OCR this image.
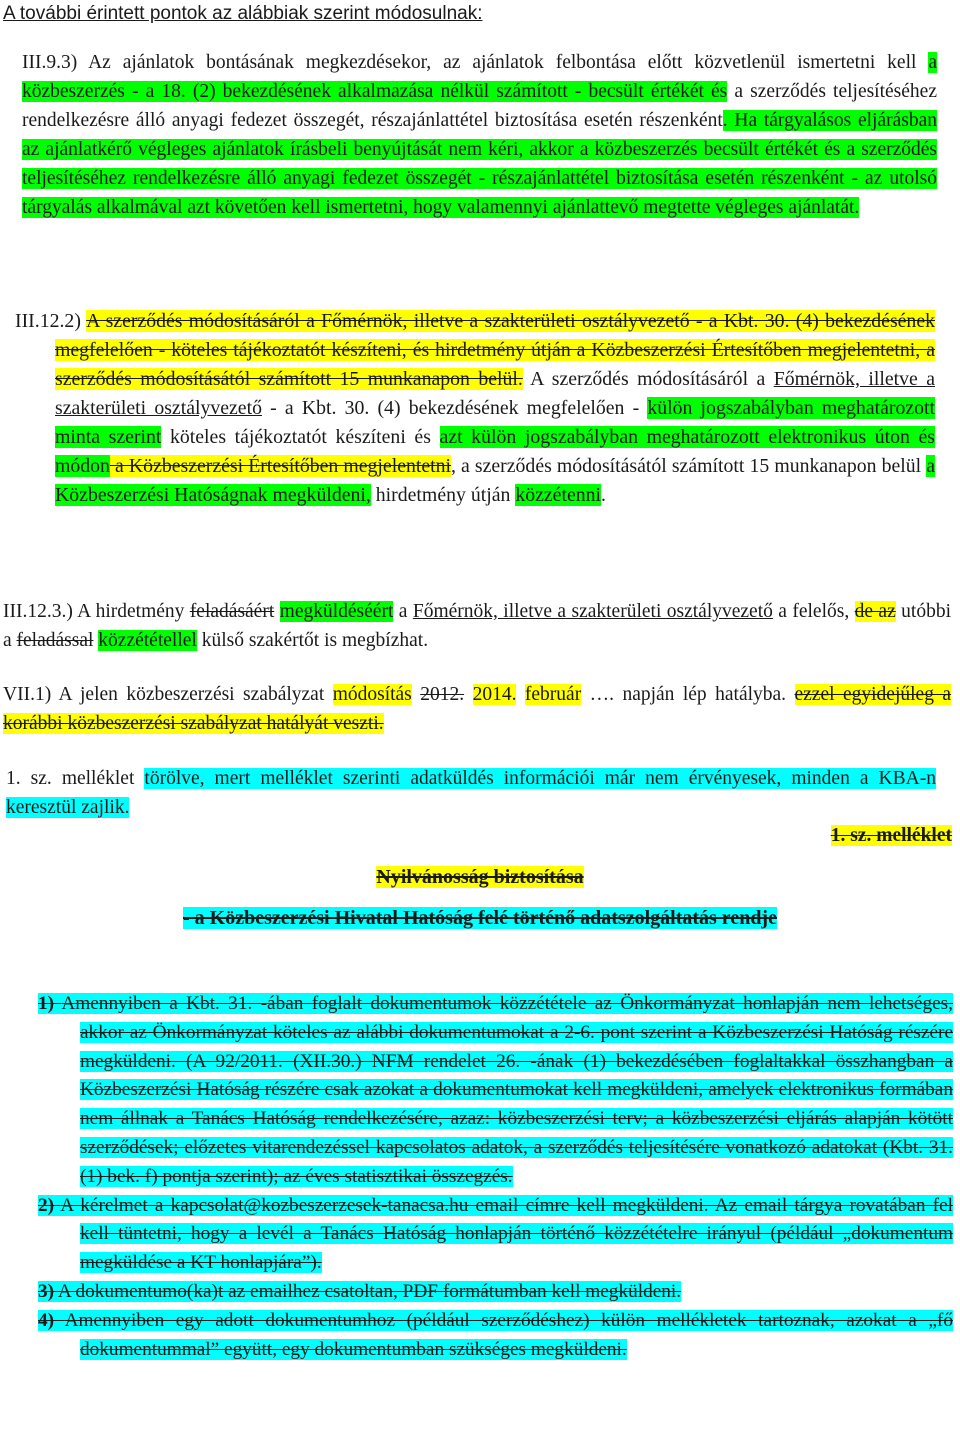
A további érintett pontok az alábbiak szerint módosulnak:
III.9.3) Az ajánlatok bontásának megkezdésekor, az ajánlatok felbontása előtt közvetlenül ismertetni kell a közbeszerzés - a 18. (2) bekezdésének alkalmazása nélkül számított - becsült értékét és a szerződés teljesítéséhez rendelkezésre álló anyagi fedezet összegét, részajánlattétel biztosítása esetén részenként. Ha tárgyalásos eljárásban az ajánlatkérő végleges ajánlatok írásbeli benyújtását nem kéri, akkor a közbeszerzés becsült értékét és a szerződés teljesítéséhez rendelkezésre álló anyagi fedezet összegét - részajánlattétel biztosítása esetén részenként - az utolsó tárgyalás alkalmával azt követően kell ismertetni, hogy valamennyi ajánlattevő megtette végleges ajánlatát.
III.12.2) A szerződés módosításáról a Főmérnök, illetve a szakterületi osztályvezető - a Kbt. 30. (4) bekezdésének megfelelően - köteles tájékoztatót készíteni, és hirdetmény útján a Közbeszerzési Értesítőben megjelentetni, a szerződés módosításától számított 15 munkanapon belül. A szerződés módosításáról a Főmérnök, illetve a szakterületi osztályvezető - a Kbt. 30. (4) bekezdésének megfelelően - külön jogszabályban meghatározott minta szerint köteles tájékoztatót készíteni és azt külön jogszabályban meghatározott elektronikus úton és módon a Közbeszerzési Értesítőben megjelentetni, a szerződés módosításától számított 15 munkanapon belül a Közbeszerzési Hatóságnak megküldeni, hirdetmény útján közzétenni.
III.12.3.) A hirdetmény feladásáért megküldéséért a Főmérnök, illetve a szakterületi osztályvezető a felelős, de az utóbbi a feladással közzététellel külső szakértőt is megbízhat.
VII.1) A jelen közbeszerzési szabályzat módosítás 2012. 2014. február …. napján lép hatályba. ezzel egyidejűleg a korábbi közbeszerzési szabályzat hatályát veszti.
1. sz. melléklet törölve, mert melléklet szerinti adatküldés információi már nem érvényesek, minden a KBA-n keresztül zajlik.
1. sz. melléklet
Nyilvánosság biztosítása
- a Közbeszerzési Hivatal Hatóság felé történő adatszolgáltatás rendje
1) Amennyiben a Kbt. 31. -ában foglalt dokumentumok közzététele az Önkormányzat honlapján nem lehetséges, akkor az Önkormányzat köteles az alábbi dokumentumokat a 2-6. pont szerint a Közbeszerzési Hatóság részére megküldeni. (A 92/2011. (XII.30.) NFM rendelet 26. -ának (1) bekezdésében foglaltakkal összhangban a Közbeszerzési Hatóság részére csak azokat a dokumentumokat kell megküldeni, amelyek elektronikus formában nem állnak a Tanács Hatóság rendelkezésére, azaz: közbeszerzési terv; a közbeszerzési eljárás alapján kötött szerződések; előzetes vitarendezéssel kapcsolatos adatok, a szerződés teljesítésére vonatkozó adatokat (Kbt. 31. (1) bek. f) pontja szerint); az éves statisztikai összegzés.
2) A kérelmet a kapcsolat@kozbeszerzesek-tanacsa.hu email címre kell megküldeni. Az email tárgya rovatában fel kell tüntetni, hogy a levél a Tanács Hatóság honlapján történő közzétételre irányul (például „dokumentum megküldése a KT honlapjára”).
3) A dokumentumo(ka)t az emailhez csatoltan, PDF formátumban kell megküldeni.
4) Amennyiben egy adott dokumentumhoz (például szerződéshez) külön mellékletek tartoznak, azokat a „fő dokumentummal” együtt, egy dokumentumban szükséges megküldeni.
